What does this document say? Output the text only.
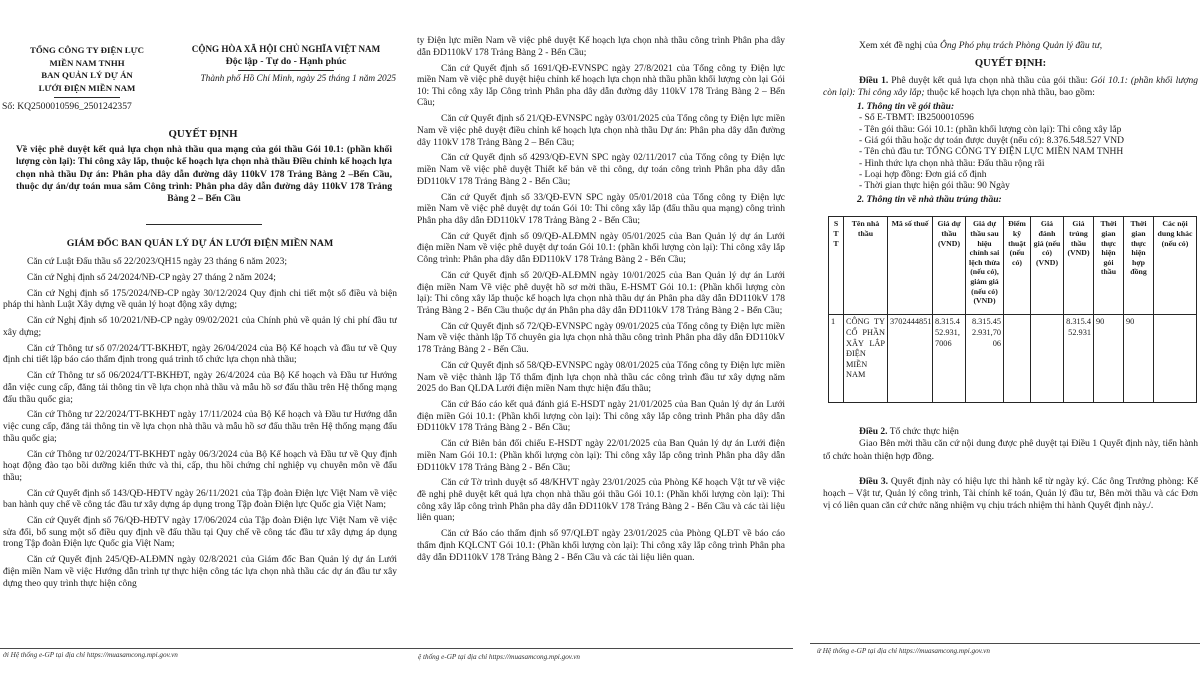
TỔNG CÔNG TY ĐIỆN LỰC
MIỀN NAM TNHH
BAN QUẢN LÝ DỰ ÁN
LƯỚI ĐIỆN MIỀN NAM
CỘNG HÒA XÃ HỘI CHỦ NGHĨA VIỆT NAM
Độc lập - Tự do - Hạnh phúc
Thành phố Hồ Chí Minh, ngày 25 tháng 1 năm 2025
Số: KQ2500010596_2501242357
QUYẾT ĐỊNH
Về việc phê duyệt kết quả lựa chọn nhà thầu qua mạng của gói thầu Gói 10.1: (phần khối lượng còn lại): Thi công xây lắp, thuộc kế hoạch lựa chọn nhà thầu Điều chỉnh kế hoạch lựa chọn nhà thầu Dự án: Phân pha dây dẫn đường dây 110kV 178 Trảng Bàng 2 –Bến Cầu, thuộc dự án/dự toán mua sắm Công trình: Phân pha dây dẫn đường dây 110kV 178 Trảng Bàng 2 – Bến Cầu
GIÁM ĐỐC BAN QUẢN LÝ DỰ ÁN LƯỚI ĐIỆN MIỀN NAM

Căn cứ Luật Đấu thầu số 22/2023/QH15 ngày 23 tháng 6 năm 2023;

Căn cứ Nghị định số 24/2024/NĐ-CP ngày 27 tháng 2 năm 2024;

Căn cứ Nghị định số 175/2024/NĐ-CP ngày 30/12/2024 Quy định chi tiết một số điều và biện pháp thi hành Luật Xây dựng về quản lý hoạt động xây dựng;

Căn cứ Nghị định số 10/2021/NĐ-CP ngày 09/02/2021 của Chính phủ về quản lý chi phí đầu tư xây dựng;

Căn cứ Thông tư số 07/2024/TT-BKHĐT, ngày 26/04/2024 của Bộ Kế hoạch và đầu tư về Quy định chi tiết lập báo cáo thẩm định trong quá trình tổ chức lựa chọn nhà thầu;

Căn cứ Thông tư số 06/2024/TT-BKHĐT, ngày 26/4/2024 của Bộ Kế hoạch và Đầu tư Hướng dẫn việc cung cấp, đăng tải thông tin về lựa chọn nhà thầu và mẫu hồ sơ đấu thầu trên Hệ thống mạng đấu thầu quốc gia;

Căn cứ Thông tư 22/2024/TT-BKHĐT ngày 17/11/2024 của Bộ Kế hoạch và Đầu tư Hướng dẫn việc cung cấp, đăng tải thông tin về lựa chọn nhà thầu và mẫu hồ sơ đấu thầu trên Hệ thống mạng đấu thầu quốc gia;

Căn cứ Thông tư 02/2024/TT-BKHĐT ngày 06/3/2024 của Bộ Kế hoạch và Đầu tư về Quy định hoạt động đào tạo bồi dưỡng kiến thức và thi, cấp, thu hồi chứng chỉ nghiệp vụ chuyên môn về đấu thầu;

Căn cứ Quyết định số 143/QĐ-HĐTV ngày 26/11/2021 của Tập đoàn Điện lực Việt Nam về việc ban hành quy chế về công tác đầu tư xây dựng áp dụng trong Tập đoàn Điện lực Quốc gia Việt Nam;

Căn cứ Quyết định số 76/QĐ-HĐTV ngày 17/06/2024 của Tập đoàn Điện lực Việt Nam về việc sửa đổi, bổ sung một số điều quy định về đấu thầu tại Quy chế về công tác đầu tư xây dựng áp dụng trong Tập đoàn Điện lực Quốc gia Việt Nam;

Căn cứ Quyết định 245/QĐ-ALĐMN ngày 02/8/2021 của Giám đốc Ban Quản lý dự án Lưới điện miền Nam về việc Hướng dẫn trình tự thực hiện công tác lựa chọn nhà thầu các dự án đầu tư xây dựng theo quy trình thực hiện công

ty Điện lực miền Nam về việc phê duyệt Kế hoạch lựa chọn nhà thầu công trình Phân pha dây dẫn ĐD110kV 178 Trảng Bàng 2 - Bến Cầu;

Căn cứ Quyết định số 1691/QĐ-EVNSPC ngày 27/8/2021 của Tổng công ty Điện lực miền Nam về việc phê duyệt hiệu chỉnh kế hoạch lựa chọn nhà thầu phần khối lượng còn lại Gói 10: Thi công xây lắp Công trình Phân pha dây dẫn đường dây 110kV 178 Trảng Bàng 2 – Bến Cầu;

Căn cứ Quyết định số 21/QĐ-EVNSPC ngày 03/01/2025 của Tổng công ty Điện lực miền Nam về việc phê duyệt điều chỉnh kế hoạch lựa chọn nhà thầu Dự án: Phân pha dây dẫn đường dây 110kV 178 Trảng Bàng 2 – Bến Cầu;

Căn cứ Quyết định số 4293/QĐ-EVN SPC ngày 02/11/2017 của Tổng công ty Điện lực miền Nam về việc phê duyệt Thiết kế bản vẽ thi công, dự toán công trình Phân pha dây dẫn ĐD110kV 178 Trảng Bàng 2 - Bến Cầu;

Căn cứ Quyết định số 33/QĐ-EVN SPC ngày 05/01/2018 của Tổng công ty Điện lực miền Nam về việc phê duyệt dự toán Gói 10: Thi công xây lắp (đấu thầu qua mạng) công trình Phân pha dây dẫn ĐD110kV 178 Trảng Bàng 2 - Bến Cầu;

Căn cứ Quyết định số 09/QĐ-ALĐMN ngày 05/01/2025 của Ban Quản lý dự án Lưới điện miền Nam về việc phê duyệt dự toán Gói 10.1: (phần khối lượng còn lại): Thi công xây lắp Công trình: Phân pha dây dẫn ĐD110kV 178 Trảng Bàng 2 - Bến Cầu;

Căn cứ Quyết định số 20/QĐ-ALĐMN ngày 10/01/2025 của Ban Quản lý dự án Lưới điện miền Nam Về việc phê duyệt hồ sơ mời thầu, E-HSMT Gói 10.1: (Phần khối lượng còn lại): Thi công xây lắp thuộc kế hoạch lựa chọn nhà thầu dự án Phân pha dây dẫn ĐD110kV 178 Trảng Bàng 2 - Bến Cầu thuộc dự án Phân pha dây dẫn ĐD110kV 178 Trảng Bàng 2 - Bến Cầu;

Căn cứ Quyết định số 72/QĐ-EVNSPC ngày 09/01/2025 của Tổng công ty Điện lực miền Nam về việc thành lập Tổ chuyên gia lựa chọn nhà thầu công trình Phân pha dây dẫn ĐD110kV 178 Trảng Bàng 2 - Bến Cầu.

Căn cứ Quyết định số 58/QĐ-EVNSPC ngày 08/01/2025 của Tổng công ty Điện lực miền Nam về việc thành lập Tổ thẩm định lựa chọn nhà thầu các công trình đầu tư xây dựng năm 2025 do Ban QLDA Lưới điện miền Nam thực hiện đấu thầu;

Căn cứ Báo cáo kết quả đánh giá E-HSDT ngày 21/01/2025 của Ban Quản lý dự án Lưới điện miền Gói 10.1: (Phần khối lượng còn lại): Thi công xây lắp công trình Phân pha dây dẫn ĐD110kV 178 Trảng Bàng 2 - Bến Cầu;

Căn cứ Biên bản đối chiếu E-HSDT ngày 22/01/2025 của Ban Quản lý dự án Lưới điện miền Nam Gói 10.1: (Phần khối lượng còn lại): Thi công xây lắp công trình Phân pha dây dẫn ĐD110kV 178 Trảng Bàng 2 - Bến Cầu;

Căn cứ Tờ trình duyệt số 48/KHVT ngày 23/01/2025 của Phòng Kế hoạch Vật tư về việc đề nghị phê duyệt kết quả lựa chọn nhà thầu gói thầu Gói 10.1: (Phần khối lượng còn lại): Thi công xây lắp công trình Phân pha dây dẫn ĐD110kV 178 Trảng Bàng 2 - Bến Cầu và các tài liệu liên quan;

Căn cứ Báo cáo thẩm định số 97/QLĐT ngày 23/01/2025 của Phòng QLĐT về báo cáo thẩm định KQLCNT Gói 10.1: (Phần khối lượng còn lại): Thi công xây lắp công trình Phân pha dây dẫn ĐD110kV 178 Trảng Bàng 2 - Bến Cầu và các tài liệu liên quan.

Xem xét đề nghị của Ông Phó phụ trách Phòng Quản lý đầu tư,

QUYẾT ĐỊNH:

Điều 1. Phê duyệt kết quả lựa chọn nhà thầu của gói thầu: Gói 10.1: (phần khối lượng còn lại): Thi công xây lắp; thuộc kế hoạch lựa chọn nhà thầu, bao gồm:

1. Thông tin về gói thầu:

- Số E-TBMT: IB2500010596
- Tên gói thầu: Gói 10.1: (phần khối lượng còn lại): Thi công xây lắp
- Giá gói thầu hoặc dự toán được duyệt (nếu có): 8.376.548.527 VND
- Tên chủ đầu tư: TỔNG CÔNG TY ĐIỆN LỰC MIỀN NAM TNHH
- Hình thức lựa chọn nhà thầu: Đấu thầu rộng rãi
- Loại hợp đồng: Đơn giá cố định
- Thời gian thực hiện gói thầu: 90 Ngày

2. Thông tin về nhà thầu trúng thầu:

S T T	Tên nhà thầu	Mã số thuế	Giá dự thầu (VND)	Giá dự thầu sau hiệu chỉnh sai lệch thừa (nếu có), giảm giá (nếu có) (VND)	Điểm kỹ thuật (nếu có)	Giá đánh giá (nếu có) (VND)	Giá trúng thầu (VND)	Thời gian thực hiện gói thầu	Thời gian thực hiện hợp đồng	Các nội dung khác (nếu có)
1	CÔNG TY CỔ PHẦN XÂY LẮP ĐIỆN MIỀN NAM	3702444851	8.315.452.931,7006	8.315.452.931,7006			8.315.452.931	90	90	

Điều 2. Tổ chức thực hiện

Giao Bên mời thầu căn cứ nội dung được phê duyệt tại Điều 1 Quyết định này, tiến hành tổ chức hoàn thiện hợp đồng.

Điều 3. Quyết định này có hiệu lực thi hành kể từ ngày ký. Các ông Trưởng phòng: Kế hoạch – Vật tư, Quản lý công trình, Tài chính kế toán, Quản lý đầu tư, Bên mời thầu và các Đơn vị có liên quan căn cứ chức năng nhiệm vụ chịu trách nhiệm thi hành Quyết định này./.

ởi Hệ thống e-GP tại địa chỉ https://muasamcong.mpi.gov.vn	ệ thống e-GP tại địa chỉ https://muasamcong.mpi.gov.vn
ừ Hệ thống e-GP tại địa chỉ https://muasamcong.mpi.gov.vn
